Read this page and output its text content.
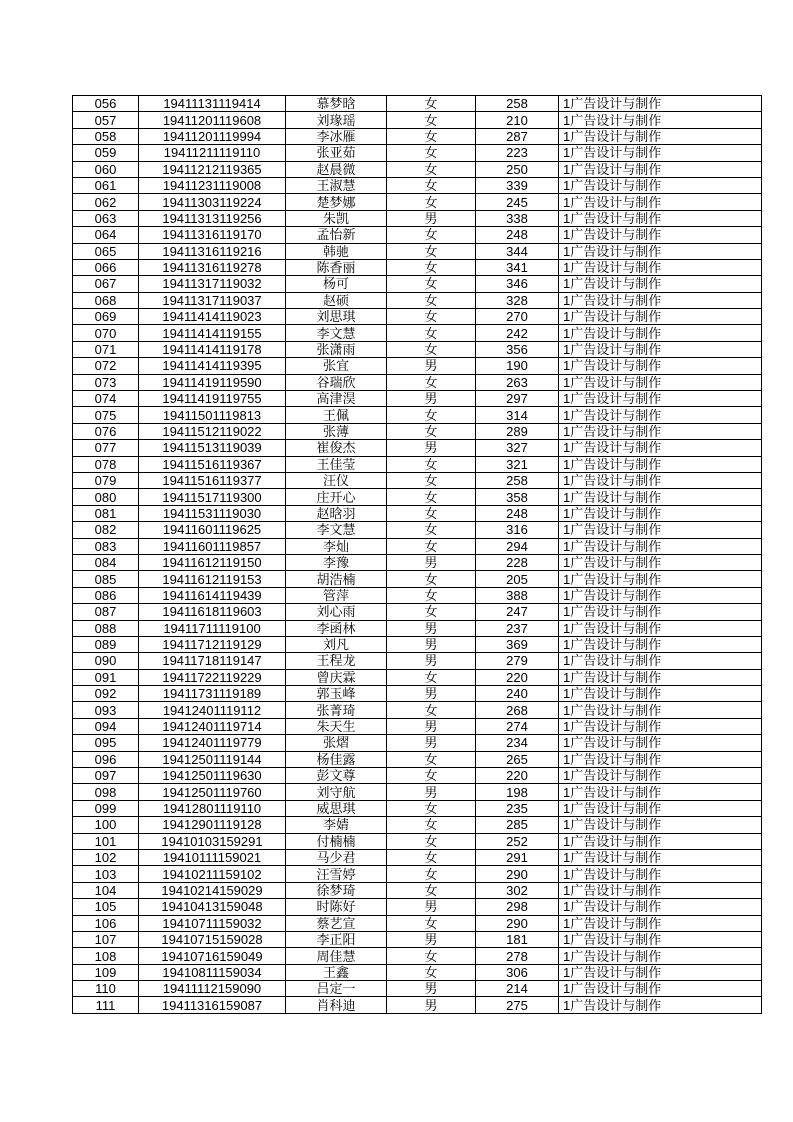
056	19411131119414	慕梦晗	女	258	1广告设计与制作
057	19411201119608	刘瑑瑶	女	210	1广告设计与制作
058	19411201119994	李冰雁	女	287	1广告设计与制作
059	19411211119110	张亚茹	女	223	1广告设计与制作
060	19411212119365	赵晨微	女	250	1广告设计与制作
061	19411231119008	王淑慧	女	339	1广告设计与制作
062	19411303119224	楚梦娜	女	245	1广告设计与制作
063	19411313119256	朱凯	男	338	1广告设计与制作
064	19411316119170	孟怡新	女	248	1广告设计与制作
065	19411316119216	韩驰	女	344	1广告设计与制作
066	19411316119278	陈香丽	女	341	1广告设计与制作
067	19411317119032	杨可	女	346	1广告设计与制作
068	19411317119037	赵硕	女	328	1广告设计与制作
069	19411414119023	刘思琪	女	270	1广告设计与制作
070	19411414119155	李文慧	女	242	1广告设计与制作
071	19411414119178	张潇雨	女	356	1广告设计与制作
072	19411414119395	张宜	男	190	1广告设计与制作
073	19411419119590	谷瑞欣	女	263	1广告设计与制作
074	19411419119755	高津淏	男	297	1广告设计与制作
075	19411501119813	王佩	女	314	1广告设计与制作
076	19411512119022	张薄	女	289	1广告设计与制作
077	19411513119039	崔俊杰	男	327	1广告设计与制作
078	19411516119367	王佳莹	女	321	1广告设计与制作
079	19411516119377	汪仪	女	258	1广告设计与制作
080	19411517119300	庄开心	女	358	1广告设计与制作
081	19411531119030	赵晗羽	女	248	1广告设计与制作
082	19411601119625	李文慧	女	316	1广告设计与制作
083	19411601119857	李灿	女	294	1广告设计与制作
084	19411612119150	李豫	男	228	1广告设计与制作
085	19411612119153	胡浩楠	女	205	1广告设计与制作
086	19411614119439	管萍	女	388	1广告设计与制作
087	19411618119603	刘心雨	女	247	1广告设计与制作
088	19411711119100	李函林	男	237	1广告设计与制作
089	19411712119129	刘凡	男	369	1广告设计与制作
090	19411718119147	王程龙	男	279	1广告设计与制作
091	19411722119229	曾庆霖	女	220	1广告设计与制作
092	19411731119189	郭玉峰	男	240	1广告设计与制作
093	19412401119112	张菁琦	女	268	1广告设计与制作
094	19412401119714	朱天生	男	274	1广告设计与制作
095	19412401119779	张熠	男	234	1广告设计与制作
096	19412501119144	杨佳露	女	265	1广告设计与制作
097	19412501119630	彭文尊	女	220	1广告设计与制作
098	19412501119760	刘守航	男	198	1广告设计与制作
099	19412801119110	威思琪	女	235	1广告设计与制作
100	19412901119128	李婧	女	285	1广告设计与制作
101	19410103159291	付楠楠	女	252	1广告设计与制作
102	19410111159021	马少君	女	291	1广告设计与制作
103	19410211159102	汪雪婷	女	290	1广告设计与制作
104	19410214159029	徐梦琦	女	302	1广告设计与制作
105	19410413159048	时陈好	男	298	1广告设计与制作
106	19410711159032	蔡艺宣	女	290	1广告设计与制作
107	19410715159028	李正阳	男	181	1广告设计与制作
108	19410716159049	周佳慧	女	278	1广告设计与制作
109	19410811159034	王鑫	女	306	1广告设计与制作
110	19411112159090	吕定一	男	214	1广告设计与制作
111	19411316159087	肖科迪	男	275	1广告设计与制作
